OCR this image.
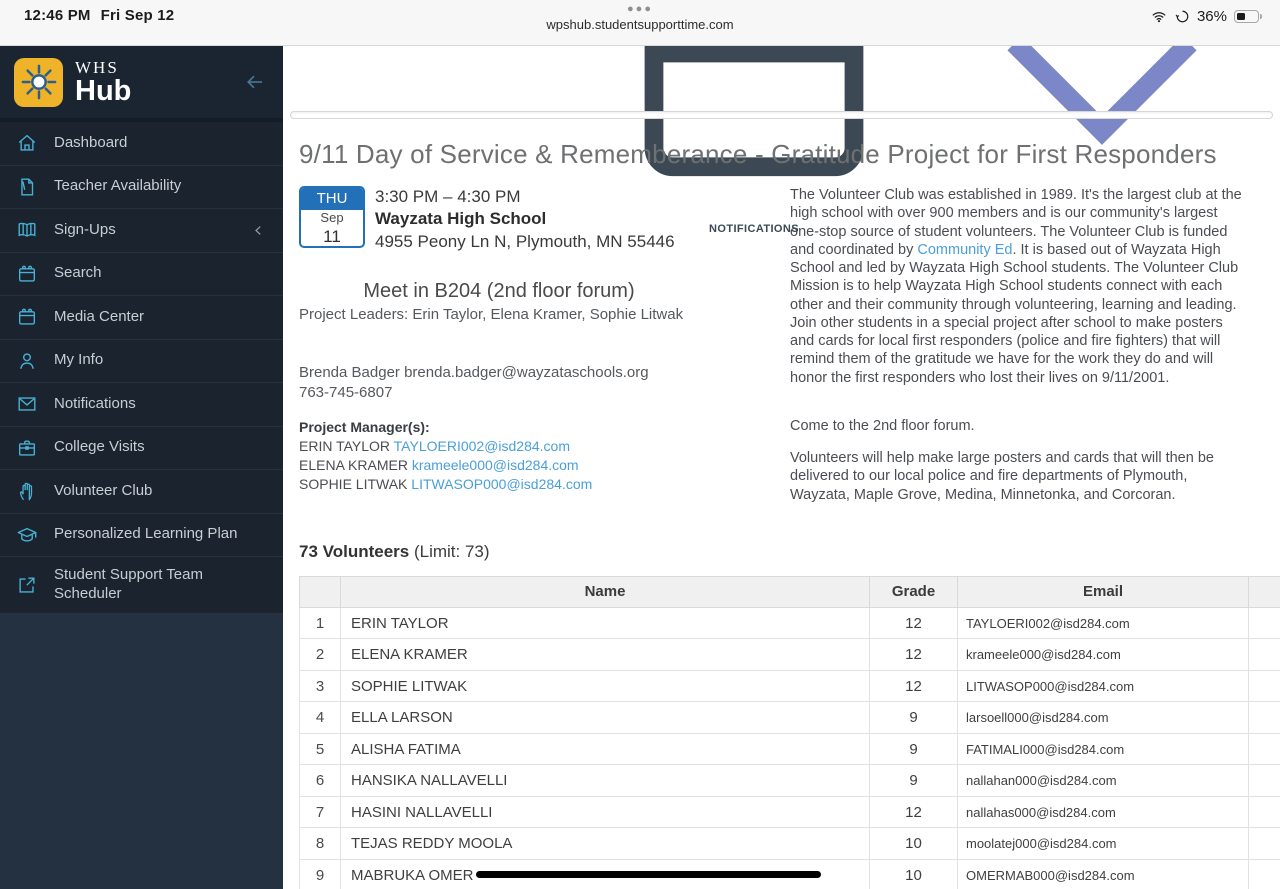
12:46 PM Fri Sep 12	●●●
wpshub.studentsupporttime.com	36%
WHS
Hub
Dashboard
Teacher Availability
Sign-Ups
Search
Media Center
My Info
Notifications
College Visits
Volunteer Club
Personalized Learning Plan
Student Support Team Scheduler
NOTIFICATIONS
9/11 Day of Service & Rememberance - Gratitude Project for First Responders
THU
Sep
11
3:30 PM – 4:30 PM
Wayzata High School
4955 Peony Ln N, Plymouth, MN 55446
Meet in B204 (2nd floor forum)
Project Leaders: Erin Taylor, Elena Kramer, Sophie Litwak
Brenda Badger brenda.badger@wayzataschools.org
763-745-6807
Project Manager(s):
ERIN TAYLOR TAYLOERI002@isd284.com
ELENA KRAMER krameele000@isd284.com
SOPHIE LITWAK LITWASOP000@isd284.com
The Volunteer Club was established in 1989. It's the largest club at the high school with over 900 members and is our community's largest one-stop source of student volunteers. The Volunteer Club is funded and coordinated by Community Ed. It is based out of Wayzata High School and led by Wayzata High School students. The Volunteer Club Mission is to help Wayzata High School students connect with each other and their community through volunteering, learning and leading.
Join other students in a special project after school to make posters and cards for local first responders (police and fire fighters) that will remind them of the gratitude we have for the work they do and will honor the first responders who lost their lives on 9/11/2001.
Come to the 2nd floor forum.
Volunteers will help make large posters and cards that will then be delivered to our local police and fire departments of Plymouth, Wayzata, Maple Grove, Medina, Minnetonka, and Corcoran.
73 Volunteers (Limit: 73)
	Name	Grade	Email	
1	ERIN TAYLOR	12	TAYLOERI002@isd284.com	
2	ELENA KRAMER	12	krameele000@isd284.com	
3	SOPHIE LITWAK	12	LITWASOP000@isd284.com	
4	ELLA LARSON	9	larsoell000@isd284.com	
5	ALISHA FATIMA	9	FATIMALI000@isd284.com	
6	HANSIKA NALLAVELLI	9	nallahan000@isd284.com	
7	HASINI NALLAVELLI	12	nallahas000@isd284.com	
8	TEJAS REDDY MOOLA	10	moolatej000@isd284.com	
9	MABRUKA OMER	10	OMERMAB000@isd284.com	
